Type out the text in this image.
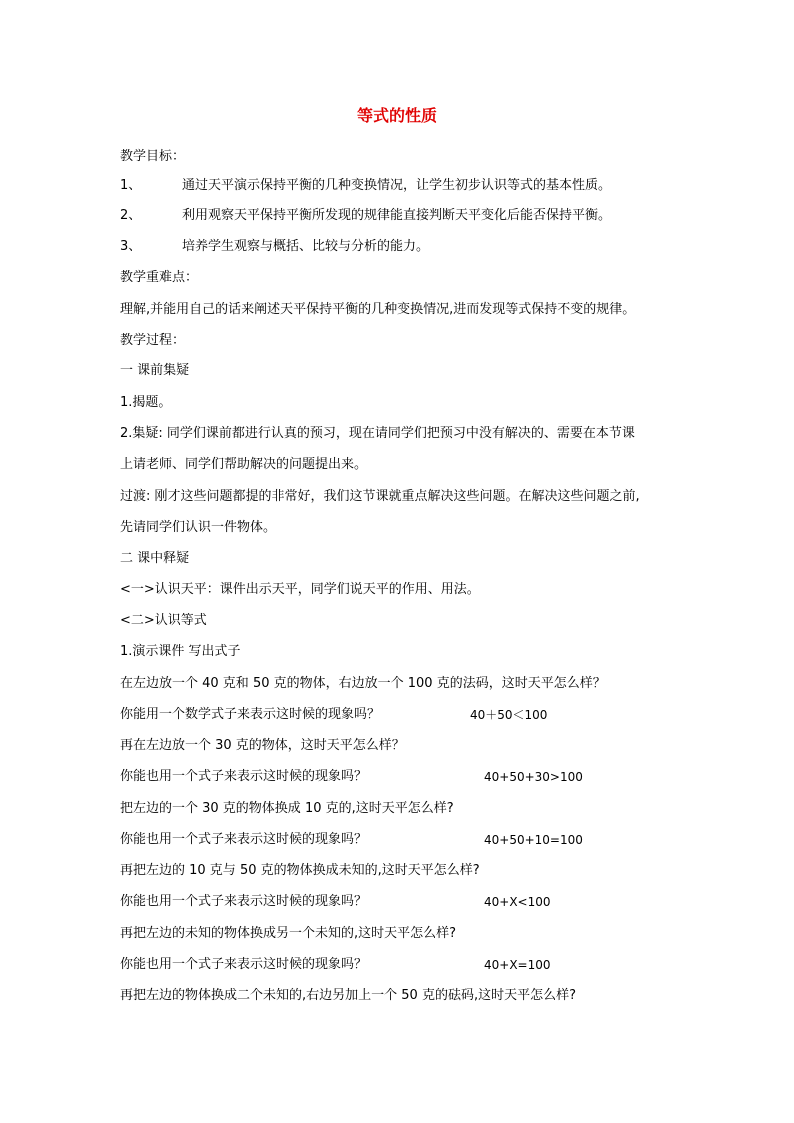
等式的性质
教学目标：
1、	通过天平演示保持平衡的几种变换情况，让学生初步认识等式的基本性质。
2、	利用观察天平保持平衡所发现的规律能直接判断天平变化后能否保持平衡。
3、	培养学生观察与概括、比较与分析的能力。
教学重难点：
理解,并能用自己的话来阐述天平保持平衡的几种变换情况,进而发现等式保持不变的规律。
教学过程：
一 课前集疑
1.揭题。
2.集疑: 同学们课前都进行认真的预习，现在请同学们把预习中没有解决的、需要在本节课
上请老师、同学们帮助解决的问题提出来。
过渡: 刚才这些问题都提的非常好，我们这节课就重点解决这些问题。在解决这些问题之前,
先请同学们认识一件物体。
二 课中释疑
<一>认识天平：课件出示天平，同学们说天平的作用、用法。
<二>认识等式
1.演示课件 写出式子
在左边放一个 40 克和 50 克的物体，右边放一个 100 克的法码，这时天平怎么样？
你能用一个数学式子来表示这时候的现象吗？	40＋50＜100
再在左边放一个 30 克的物体，这时天平怎么样？
你能也用一个式子来表示这时候的现象吗？	40+50+30>100
把左边的一个 30 克的物体换成 10 克的,这时天平怎么样?
你能也用一个式子来表示这时候的现象吗？	40+50+10=100
再把左边的 10 克与 50 克的物体换成未知的,这时天平怎么样?
你能也用一个式子来表示这时候的现象吗？	40+X<100
再把左边的未知的物体换成另一个未知的,这时天平怎么样?
你能也用一个式子来表示这时候的现象吗？	40+X=100
再把左边的物体换成二个未知的,右边另加上一个 50 克的砝码,这时天平怎么样?
